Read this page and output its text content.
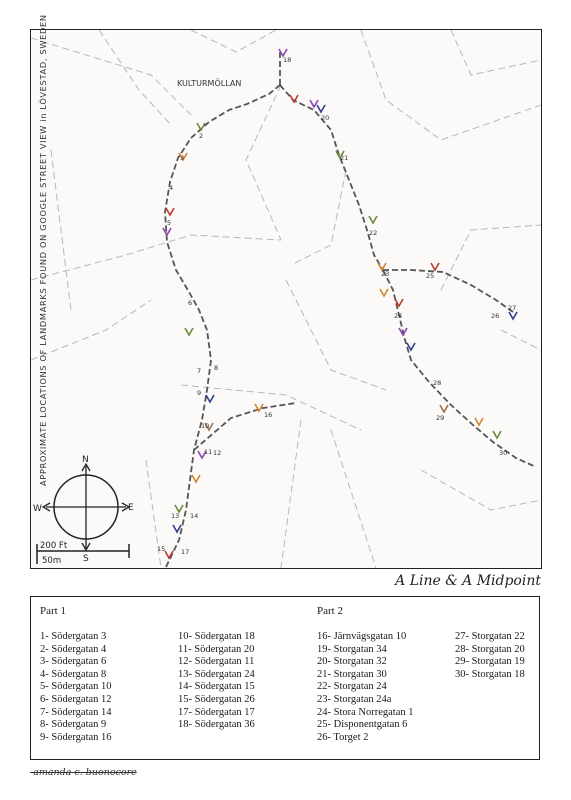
2
3
4
5
6
7 8
9
10
11 12
13 14
15
16
17
18
20
21
22
23
24
25
26
27
28
29
30
KULTURMÖLLAN
N
S
E
W
200 Ft
50m
APPROXIMATE LOCATIONS OF LANDMARKS FOUND ON GOOGLE STREET VIEW in LÖVESTAD, SWEDEN
A Line & A Midpoint
Part 1	Part 2
1- Södergatan 3
2- Södergatan 4
3- Södergatan 6
4- Södergatan 8
5- Södergatan 10
6- Södergatan 12
7- Södergatan 14
8- Södergatan 9
9- Södergatan 16
10- Södergatan 18
11- Södergatan 20
12- Södergatan 11
13- Södergatan 24
14- Södergatan 15
15- Södergatan 26
17- Södergatan 17
18- Södergatan 36
16- Järnvägsgatan 10
19- Storgatan 34
20- Storgatan 32
21- Storgatan 30
22- Storgatan 24
23- Storgatan 24a
24- Stora Norregatan 1
25- Disponentgatan 6
26- Torget 2
27- Storgatan 22
28- Storgatan 20
29- Storgatan 19
30- Storgatan 18
-amanda c. buonocore
